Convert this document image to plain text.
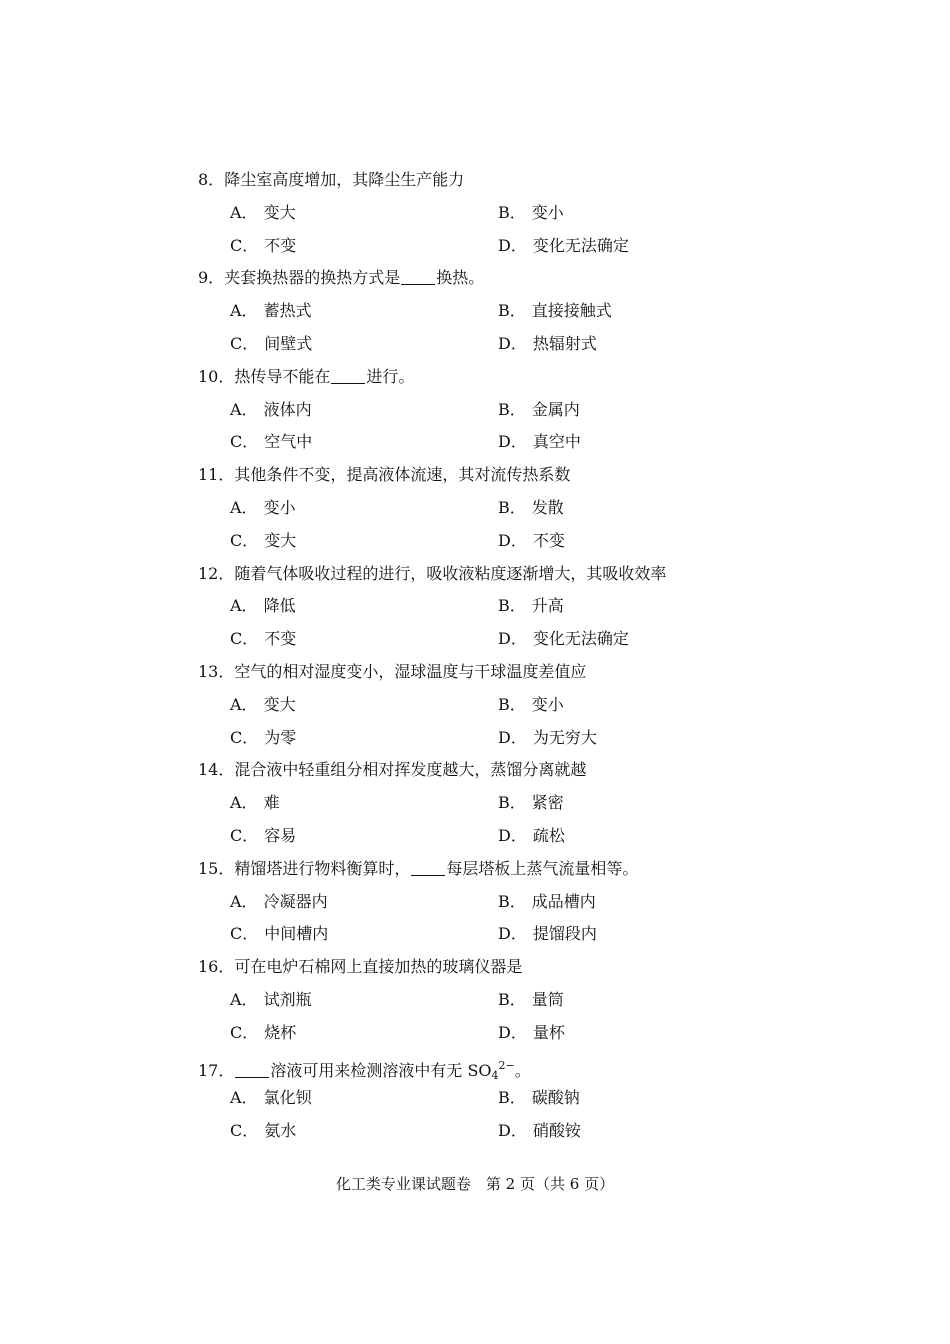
8．降尘室高度增加，其降尘生产能力
A． 变大	B． 变小
C． 不变	D． 变化无法确定
9．夹套换热器的换热方式是 换热。
A． 蓄热式	B． 直接接触式
C． 间壁式	D． 热辐射式
10．热传导不能在 进行。
A． 液体内	B． 金属内
C． 空气中	D． 真空中
11．其他条件不变，提高液体流速，其对流传热系数
A． 变小	B． 发散
C． 变大	D． 不变
12．随着气体吸收过程的进行，吸收液粘度逐渐增大，其吸收效率
A． 降低	B． 升高
C． 不变	D． 变化无法确定
13．空气的相对湿度变小，湿球温度与干球温度差值应
A． 变大	B． 变小
C． 为零	D． 为无穷大
14．混合液中轻重组分相对挥发度越大，蒸馏分离就越
A． 难	B． 紧密
C． 容易	D． 疏松
15．精馏塔进行物料衡算时， 每层塔板上蒸气流量相等。
A． 冷凝器内	B． 成品槽内
C． 中间槽内	D． 提馏段内
16．可在电炉石棉网上直接加热的玻璃仪器是
A． 试剂瓶	B． 量筒
C． 烧杯	D． 量杯
17． 溶液可用来检测溶液中有无 $SO_4^{2-}$。
A． 氯化钡	B． 碳酸钠
C． 氨水	D． 硝酸铵
化工类专业课试题卷　第 2 页（共 6 页）
